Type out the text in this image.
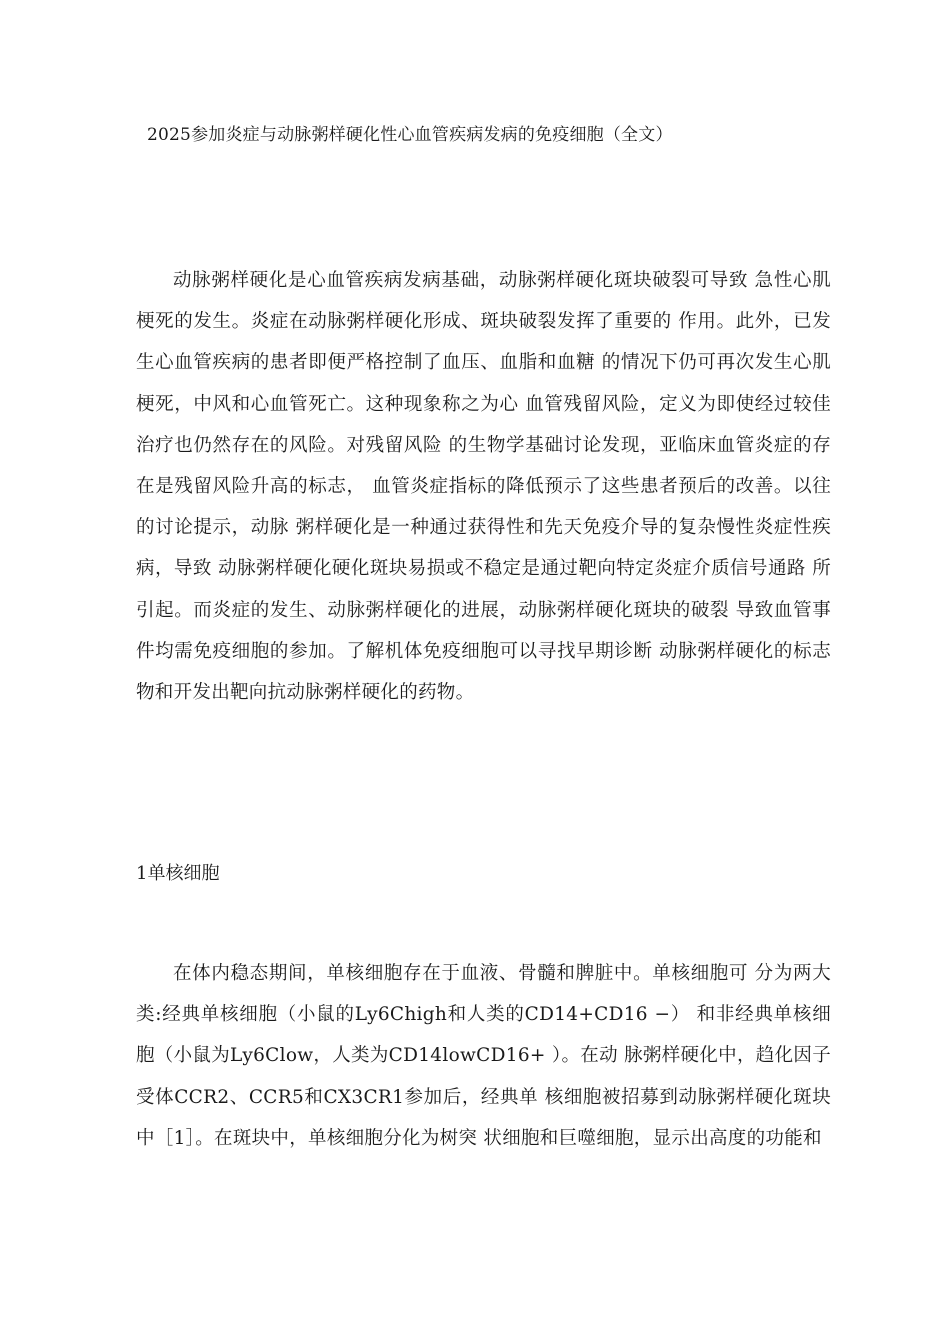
2025参加炎症与动脉粥样硬化性心血管疾病发病的免疫细胞（全文）

动脉粥样硬化是心血管疾病发病基础，动脉粥样硬化斑块破裂可导致 急性心肌梗死的发生。炎症在动脉粥样硬化形成、斑块破裂发挥了重要的 作用。此外，已发生心血管疾病的患者即便严格控制了血压、血脂和血糖 的情况下仍可再次发生心肌梗死，中风和心血管死亡。这种现象称之为心 血管残留风险，定义为即使经过较佳治疗也仍然存在的风险。对残留风险 的生物学基础讨论发现，亚临床血管炎症的存在是残留风险升高的标志， 血管炎症指标的降低预示了这些患者预后的改善。以往的讨论提示，动脉 粥样硬化是一种通过获得性和先天免疫介导的复杂慢性炎症性疾病，导致 动脉粥样硬化硬化斑块易损或不稳定是通过靶向特定炎症介质信号通路 所引起。而炎症的发生、动脉粥样硬化的进展，动脉粥样硬化斑块的破裂 导致血管事件均需免疫细胞的参加。了解机体免疫细胞可以寻找早期诊断 动脉粥样硬化的标志物和开发出靶向抗动脉粥样硬化的药物。

1单核细胞

在体内稳态期间，单核细胞存在于血液、骨髓和脾脏中。单核细胞可 分为两大类:经典单核细胞（小鼠的Ly6Chigh和人类的CD14+CD16 −） 和非经典单核细胞（小鼠为Ly6Clow，人类为CD14lowCD16+ ）。在动 脉粥样硬化中，趋化因子受体CCR2、CCR5和CX3CR1参加后，经典单 核细胞被招募到动脉粥样硬化斑块中［1］。在斑块中，单核细胞分化为树突 状细胞和巨噬细胞，显示出高度的功能和
